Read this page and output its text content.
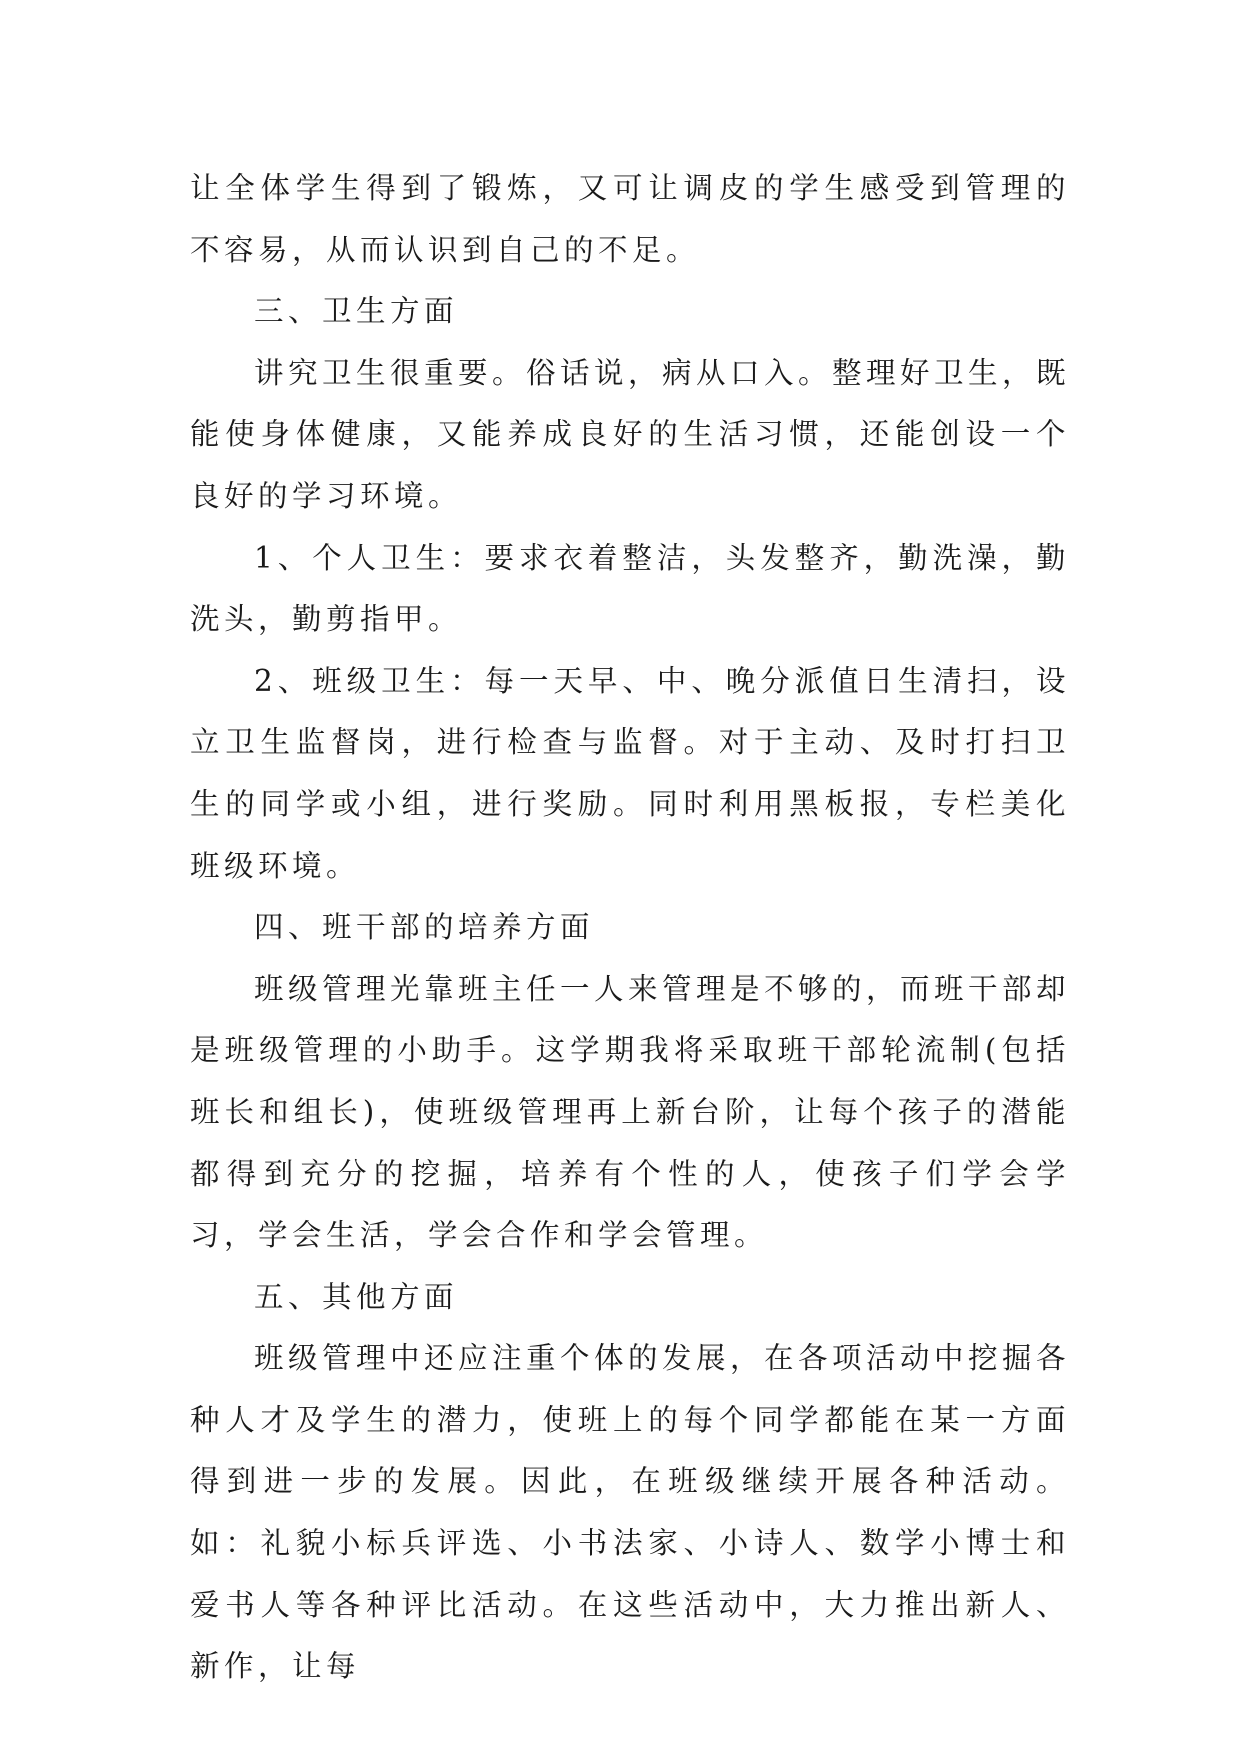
让全体学生得到了锻炼，又可让调皮的学生感受到管理的不容易，从而认识到自己的不足。

三、卫生方面

讲究卫生很重要。俗话说，病从口入。整理好卫生，既能使身体健康，又能养成良好的生活习惯，还能创设一个良好的学习环境。

1、个人卫生：要求衣着整洁，头发整齐，勤洗澡，勤洗头，勤剪指甲。

2、班级卫生：每一天早、中、晚分派值日生清扫，设立卫生监督岗，进行检查与监督。对于主动、及时打扫卫生的同学或小组，进行奖励。同时利用黑板报，专栏美化班级环境。

四、班干部的培养方面

班级管理光靠班主任一人来管理是不够的，而班干部却是班级管理的小助手。这学期我将采取班干部轮流制(包括班长和组长)，使班级管理再上新台阶，让每个孩子的潜能都得到充分的挖掘，培养有个性的人，使孩子们学会学习，学会生活，学会合作和学会管理。

五、其他方面

班级管理中还应注重个体的发展，在各项活动中挖掘各种人才及学生的潜力，使班上的每个同学都能在某一方面得到进一步的发展。因此，在班级继续开展各种活动。如：礼貌小标兵评选、小书法家、小诗人、数学小博士和爱书人等各种评比活动。在这些活动中，大力推出新人、新作，让每
